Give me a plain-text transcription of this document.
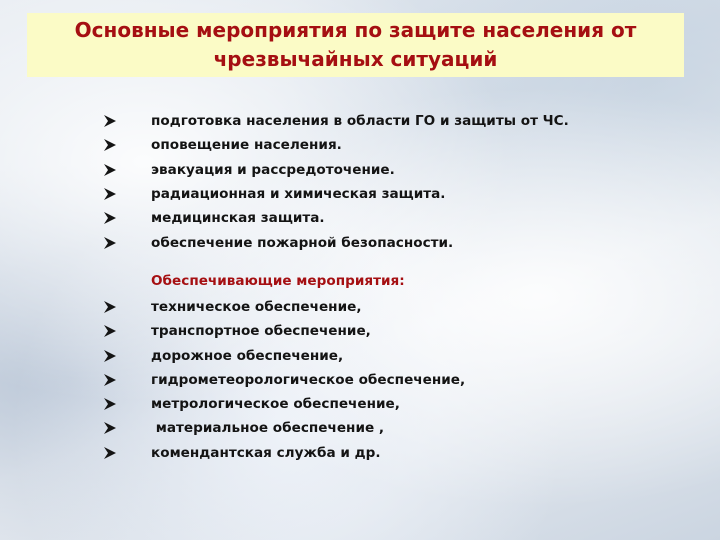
Основные мероприятия по защите населения от чрезвычайных ситуаций
подготовка населения в области ГО и защиты от ЧС.
оповещение населения.
эвакуация и рассредоточение.
радиационная и химическая защита.
медицинская защита.
обеспечение пожарной безопасности.
Обеспечивающие мероприятия:
техническое обеспечение,
транспортное обеспечение,
дорожное обеспечение,
гидрометеорологическое обеспечение,
метрологическое обеспечение,
материальное обеспечение ,
комендантская служба и др.
